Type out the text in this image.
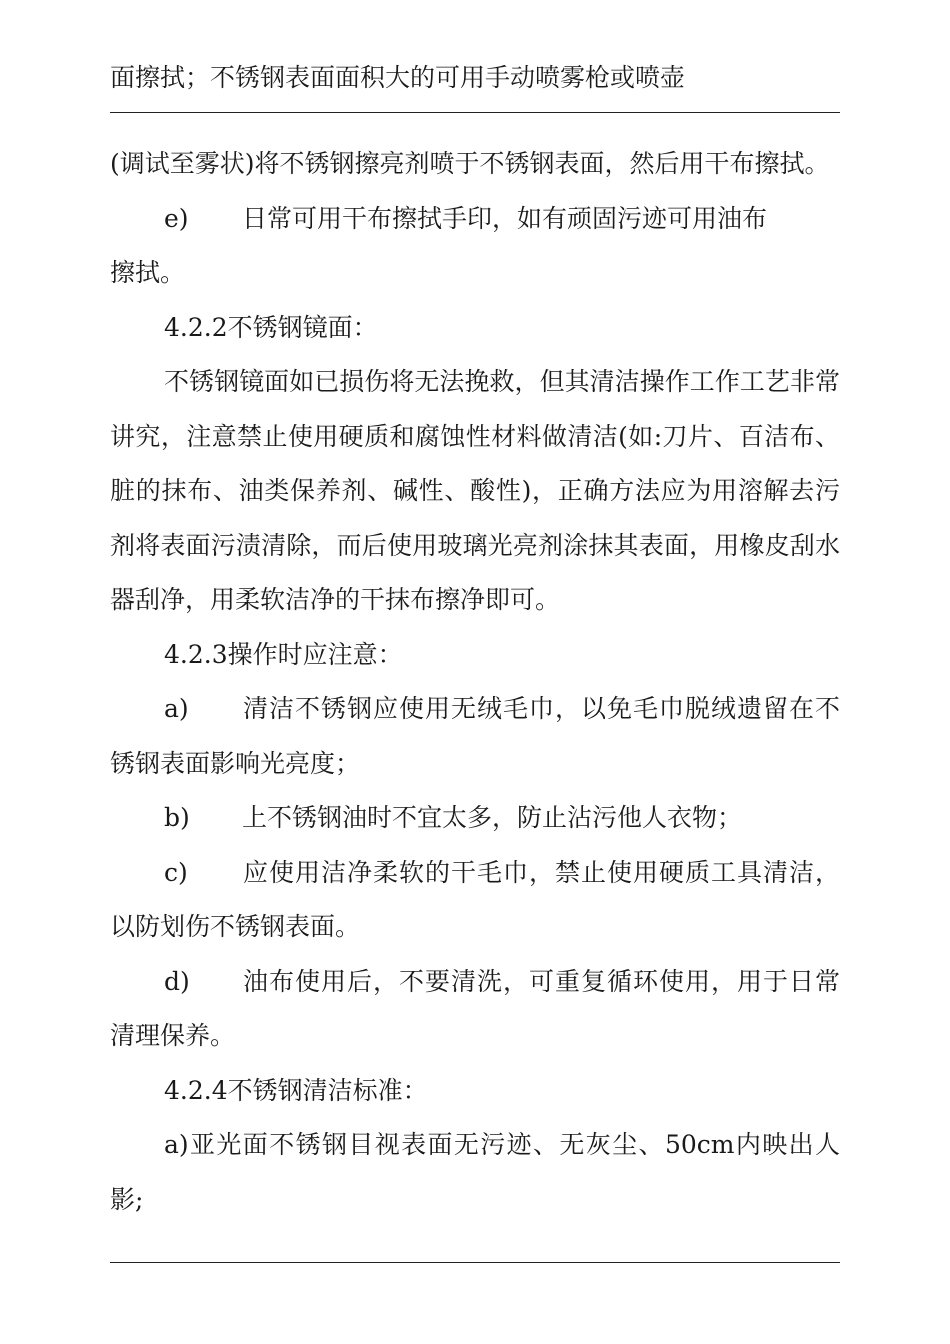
面擦拭；不锈钢表面面积大的可用手动喷雾枪或喷壶

(调试至雾状)将不锈钢擦亮剂喷于不锈钢表面，然后用干布擦拭。

e) 日常可用干布擦拭手印，如有顽固污迹可用油布

擦拭。

4.2.2不锈钢镜面：

不锈钢镜面如已损伤将无法挽救，但其清洁操作工作工艺非常讲究，注意禁止使用硬质和腐蚀性材料做清洁(如:刀片、百洁布、脏的抹布、油类保养剂、碱性、酸性)，正确方法应为用溶解去污剂将表面污渍清除，而后使用玻璃光亮剂涂抹其表面，用橡皮刮水器刮净，用柔软洁净的干抹布擦净即可。

4.2.3操作时应注意：

a) 清洁不锈钢应使用无绒毛巾，以免毛巾脱绒遗留在不锈钢表面影响光亮度；

b) 上不锈钢油时不宜太多，防止沾污他人衣物；

c) 应使用洁净柔软的干毛巾，禁止使用硬质工具清洁，以防划伤不锈钢表面。

d) 油布使用后，不要清洗，可重复循环使用，用于日常清理保养。

4.2.4不锈钢清洁标准：

a)亚光面不锈钢目视表面无污迹、无灰尘、50cm内映出人影;
